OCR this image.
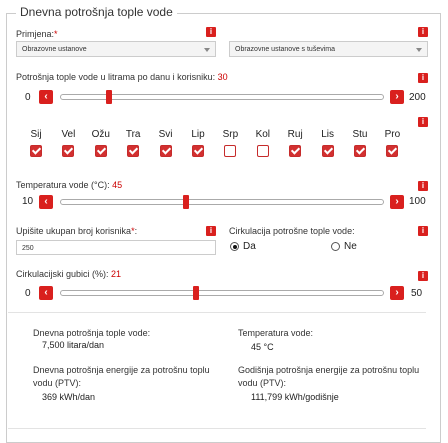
Dnevna potrošnja tople vode
Primjena:*	i	i
Obrazovne ustanove	Obrazovne ustanove s tuševima
Potrošnja tople vode u litrama po danu i korisniku: 30	i
0	‹	›	200
i
Sij	Vel	Ožu	Tra	Svi	Lip	Srp	Kol	Ruj	Lis	Stu	Pro
Temperatura vode (°C): 45	i
10	‹	›	100
Upišite ukupan broj korisnika*:	i
250
Cirkulacija potrošne tople vode:	i
Da	Ne
Cirkulacijski gubici (%): 21	i
0	‹	›	50
Dnevna potrošnja tople vode:
7,500 litara/dan
Temperatura vode:
45 °C
Dnevna potrošnja energije za potrošnu toplu vodu (PTV):
369 kWh/dan
Godišnja potrošnja energije za potrošnu toplu vodu (PTV):
111,799 kWh/godišnje
